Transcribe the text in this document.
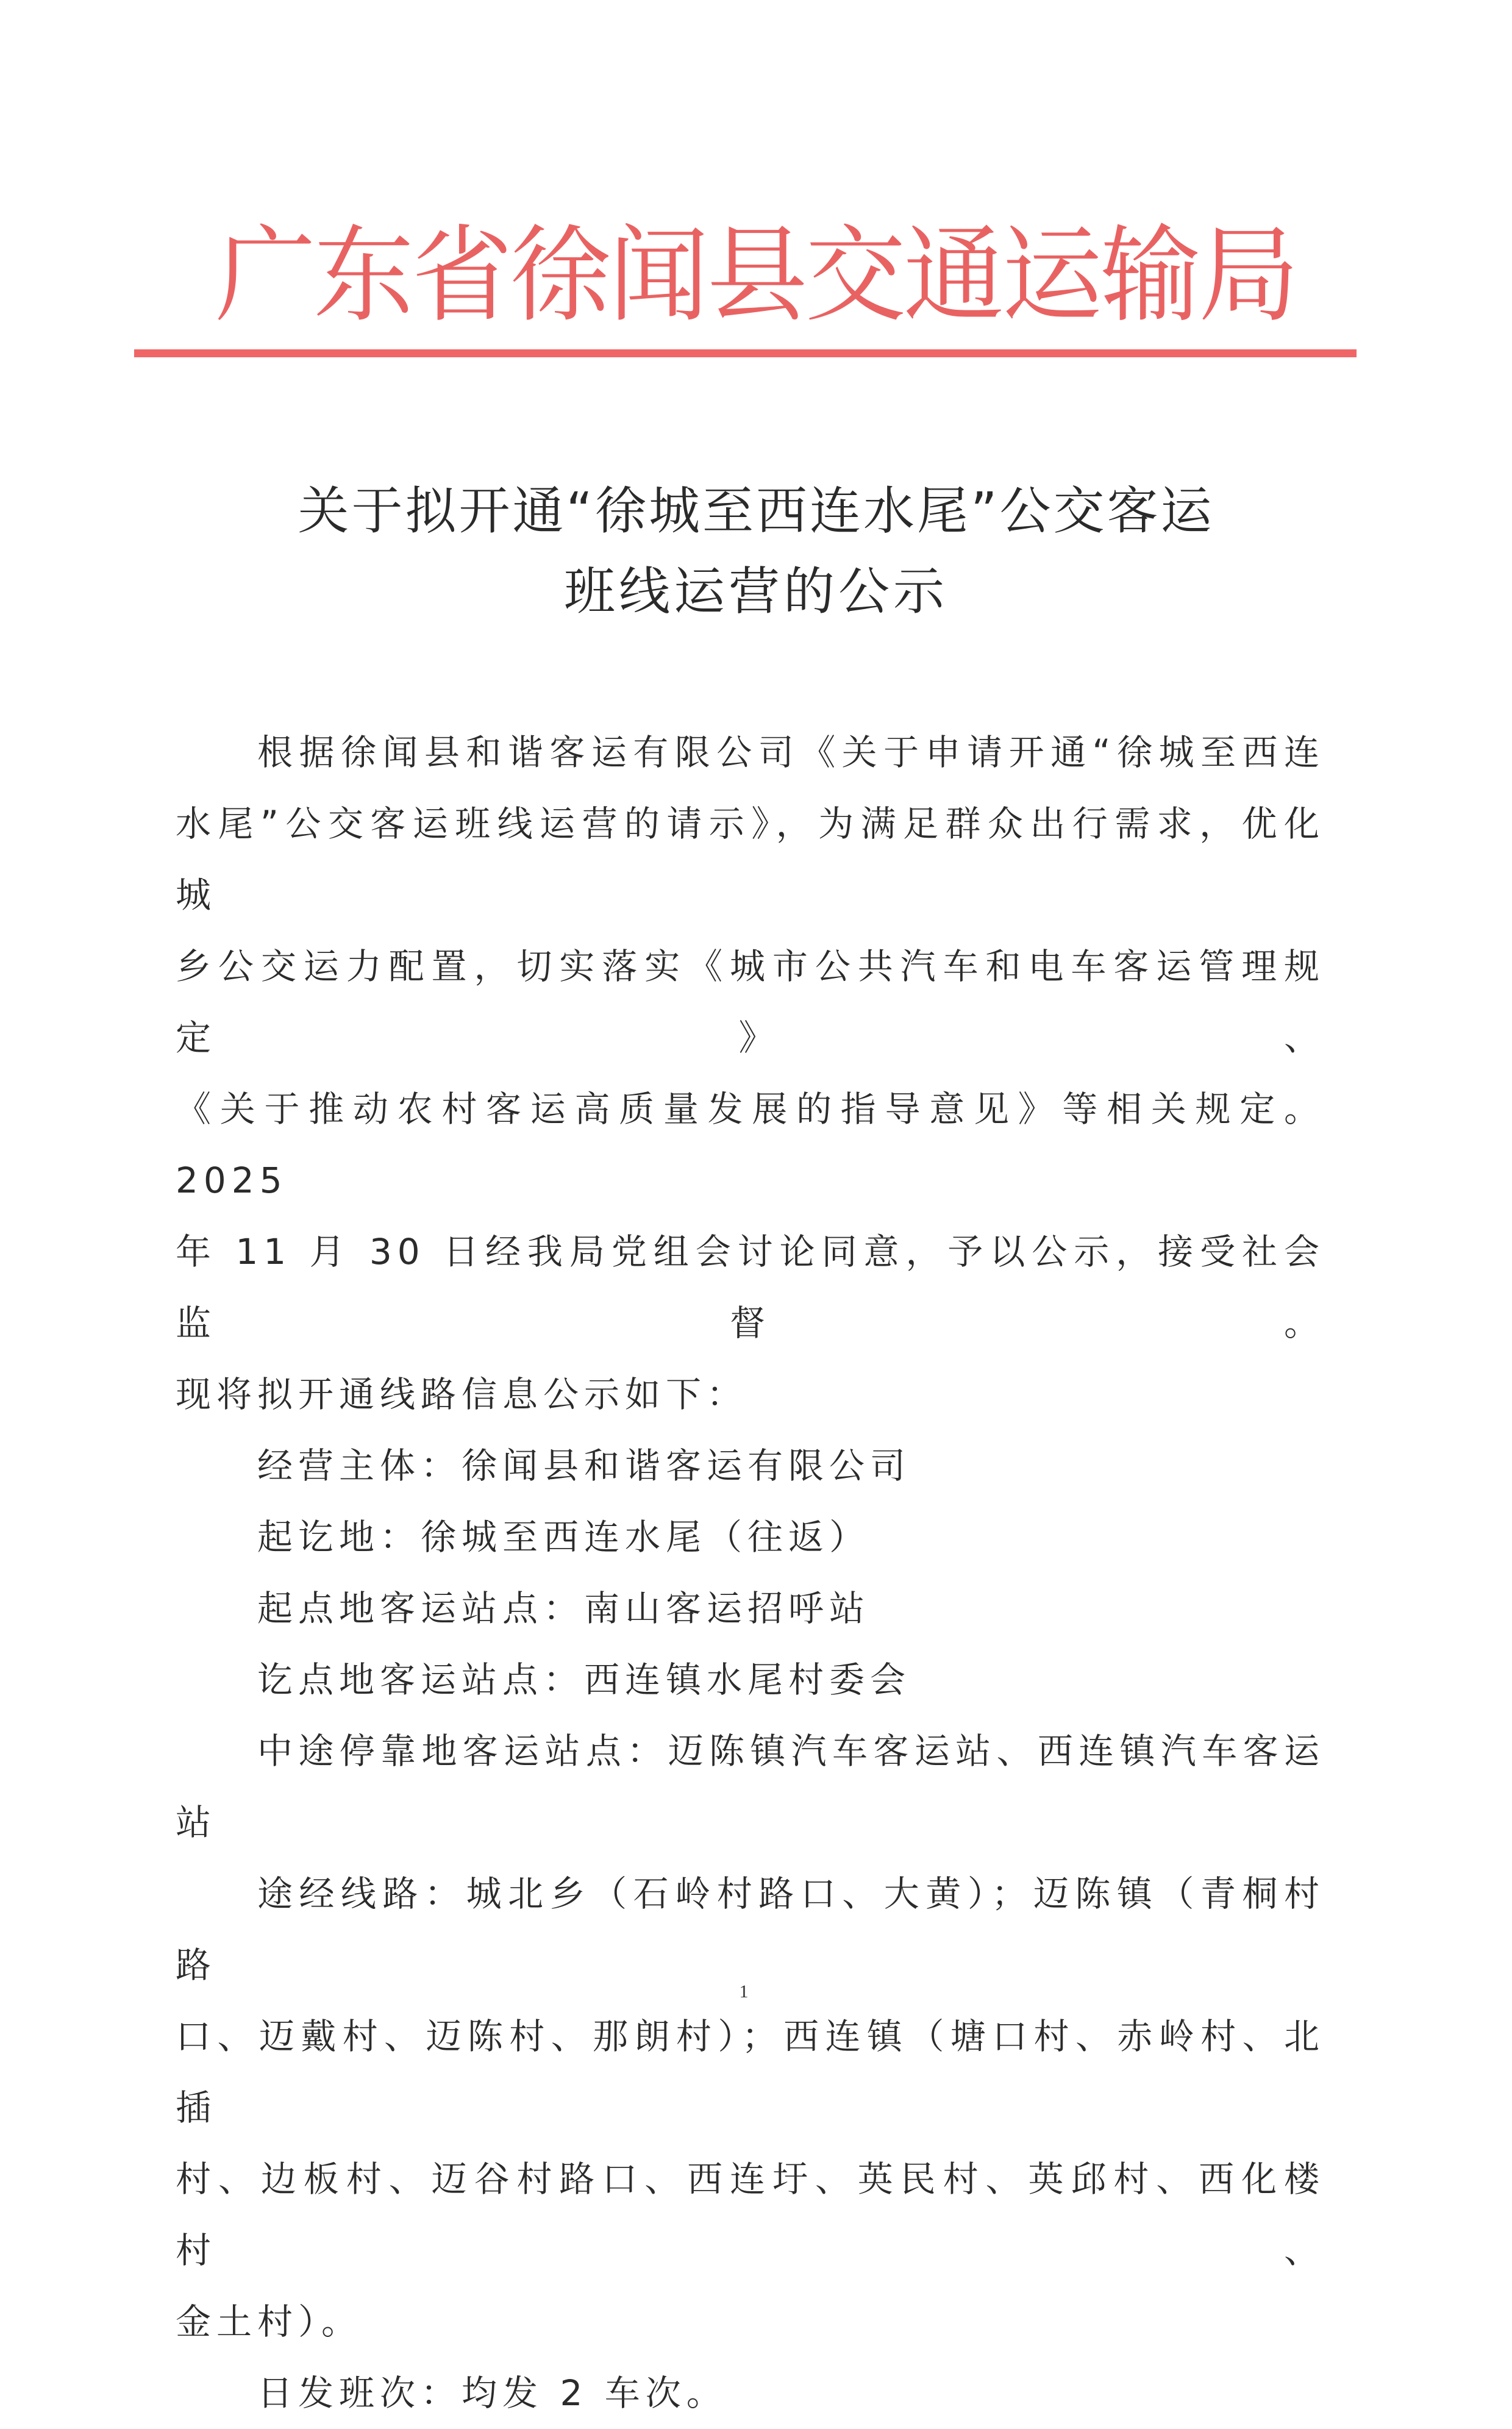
广东省徐闻县交通运输局
关于拟开通“徐城至西连水尾”公交客运
班线运营的公示

根据徐闻县和谐客运有限公司《关于申请开通“徐城至西连

水尾”公交客运班线运营的请示》，为满足群众出行需求，优化城

乡公交运力配置，切实落实《城市公共汽车和电车客运管理规定》、

《关于推动农村客运高质量发展的指导意见》等相关规定。2025

年 11 月 30 日经我局党组会讨论同意，予以公示，接受社会监督。

现将拟开通线路信息公示如下：

经营主体：徐闻县和谐客运有限公司

起讫地：徐城至西连水尾（往返）

起点地客运站点：南山客运招呼站

讫点地客运站点：西连镇水尾村委会

中途停靠地客运站点：迈陈镇汽车客运站、西连镇汽车客运

站

途经线路：城北乡（石岭村路口、大黄）；迈陈镇（青桐村路

口、迈戴村、迈陈村、那朗村）；西连镇（塘口村、赤岭村、北插

村、边板村、迈谷村路口、西连圩、英民村、英邱村、西化楼村、

金土村）。

日发班次：均发 2 车次。

1
